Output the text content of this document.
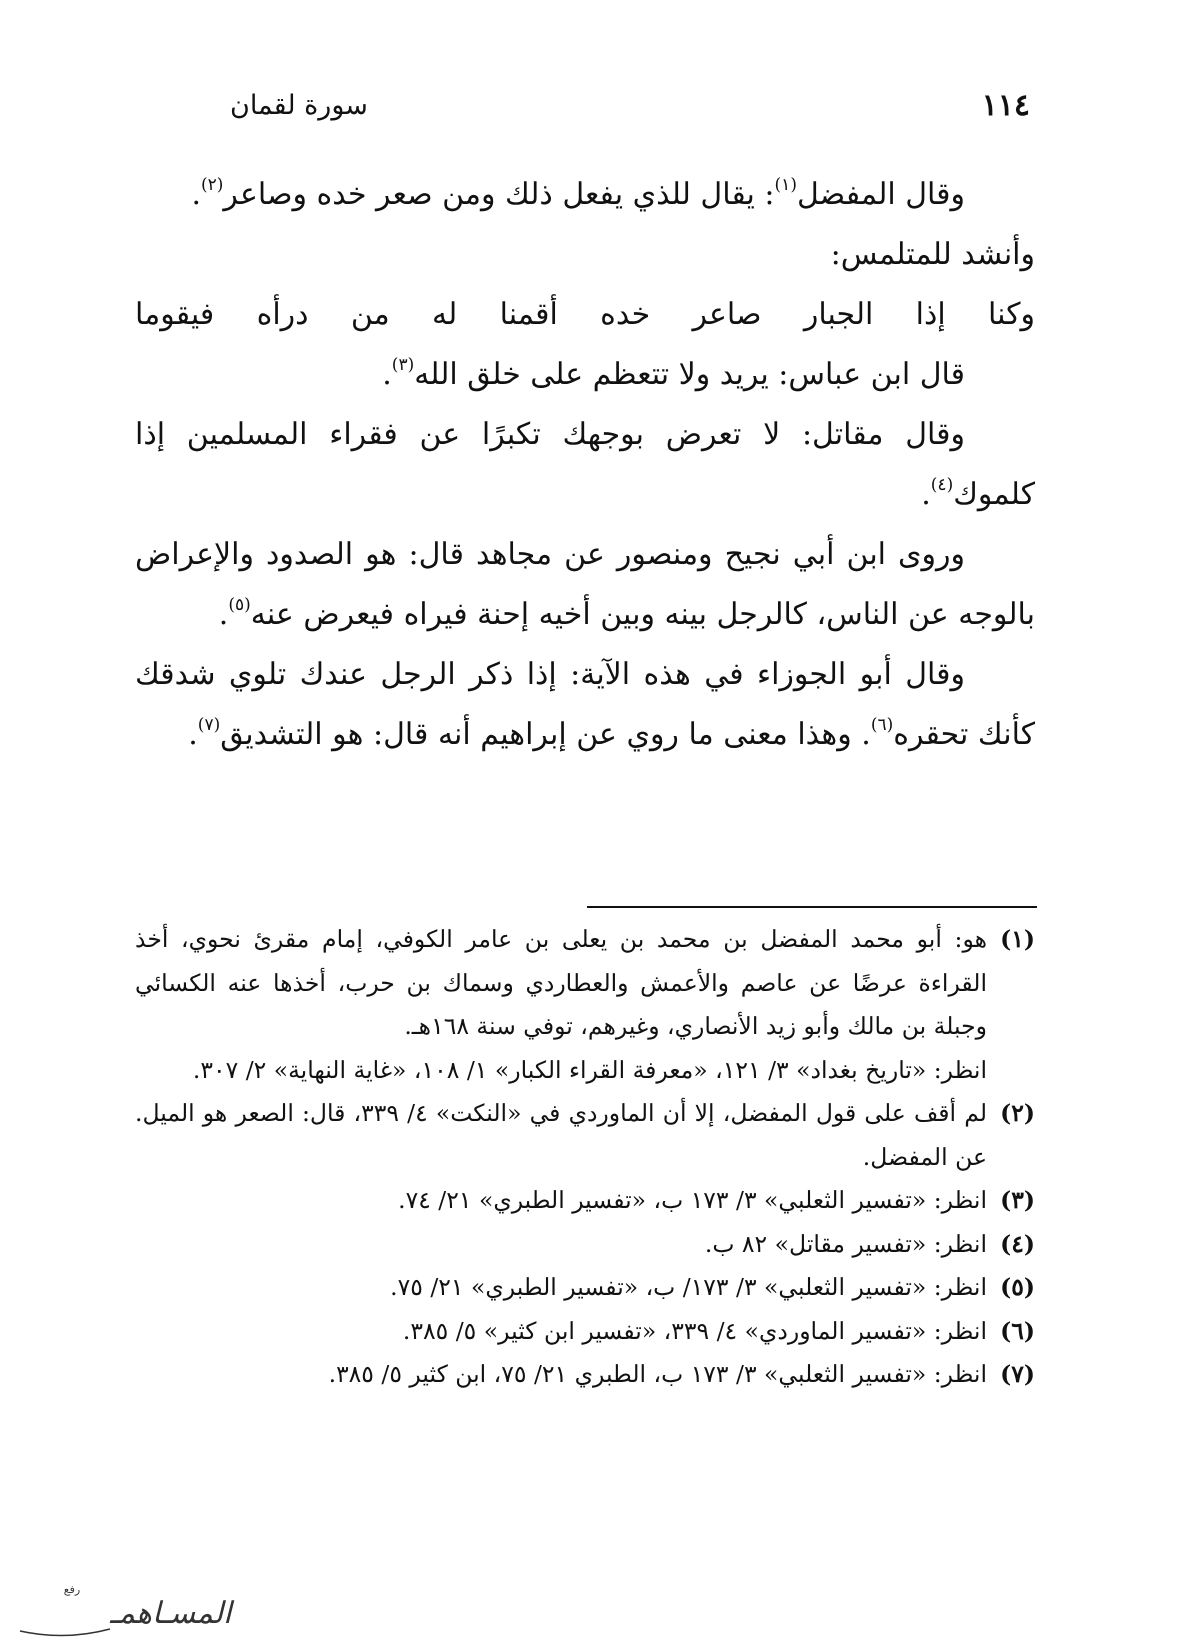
١١٤
سورة لقمان

وقال المفضل$^{(١)}$: يقال للذي يفعل ذلك ومن صعر خده وصاعر$^{(٢)}$.

وأنشد للمتلمس:

وكنا إذا الجبار صاعر خده أقمنا له من درأه فيقوما

قال ابن عباس: يريد ولا تتعظم على خلق الله$^{(٣)}$.

وقال مقاتل: لا تعرض بوجهك تكبرًا عن فقراء المسلمين إذا كلموك$^{(٤)}$.

وروى ابن أبي نجيح ومنصور عن مجاهد قال: هو الصدود والإعراض بالوجه عن الناس، كالرجل بينه وبين أخيه إحنة فيراه فيعرض عنه$^{(٥)}$.

وقال أبو الجوزاء في هذه الآية: إذا ذكر الرجل عندك تلوي شدقك كأنك تحقره$^{(٦)}$. وهذا معنى ما روي عن إبراهيم أنه قال: هو التشديق$^{(٧)}$.

(١)
هو: أبو محمد المفضل بن محمد بن يعلى بن عامر الكوفي، إمام مقرئ نحوي، أخذ القراءة عرضًا عن عاصم والأعمش والعطاردي وسماك بن حرب، أخذها عنه الكسائي وجبلة بن مالك وأبو زيد الأنصاري، وغيرهم، توفي سنة ١٦٨هـ.
انظر: «تاريخ بغداد» ٣/ ١٢١، «معرفة القراء الكبار» ١/ ١٠٨، «غاية النهاية» ٢/ ٣٠٧.
(٢)
لم أقف على قول المفضل، إلا أن الماوردي في «النكت» ٤/ ٣٣٩، قال: الصعر هو الميل. عن المفضل.
(٣)
انظر: «تفسير الثعلبي» ٣/ ١٧٣ ب، «تفسير الطبري» ٢١/ ٧٤.
(٤)
انظر: «تفسير مقاتل» ٨٢ ب.
(٥)
انظر: «تفسير الثعلبي» ٣/ ١٧٣/ ب، «تفسير الطبري» ٢١/ ٧٥.
(٦)
انظر: «تفسير الماوردي» ٤/ ٣٣٩، «تفسير ابن كثير» ٥/ ٣٨٥.
(٧)
انظر: «تفسير الثعلبي» ٣/ ١٧٣ ب، الطبري ٢١/ ٧٥، ابن كثير ٥/ ٣٨٥.
المسـاهمـ
رفع
